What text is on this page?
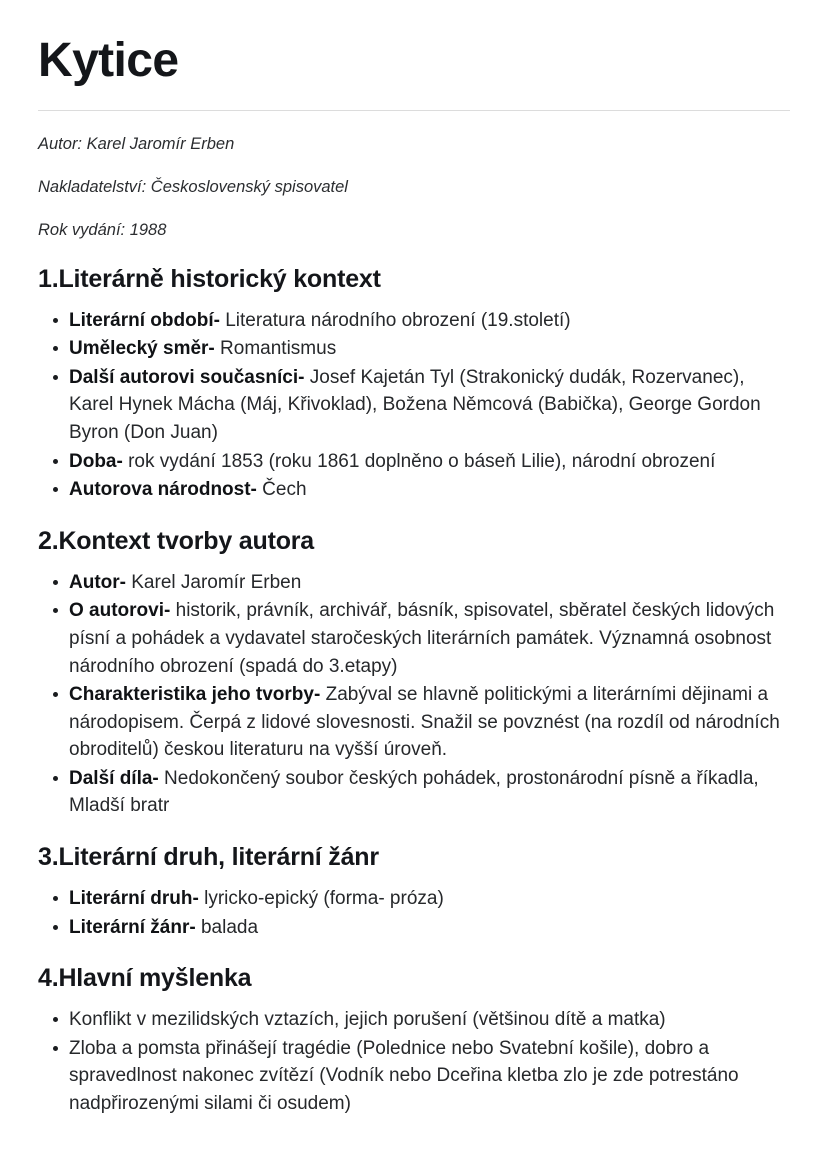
Kytice

Autor: Karel Jaromír Erben

Nakladatelství: Československý spisovatel

Rok vydání: 1988

1.Literárně historický kontext
Literární období- Literatura národního obrození (19.století)
Umělecký směr- Romantismus
Další autorovi současníci- Josef Kajetán Tyl (Strakonický dudák, Rozervanec), Karel Hynek Mácha (Máj, Křivoklad), Božena Němcová (Babička), George Gordon Byron (Don Juan)
Doba- rok vydání 1853 (roku 1861 doplněno o báseň Lilie), národní obrození
Autorova národnost- Čech
2.Kontext tvorby autora
Autor- Karel Jaromír Erben
O autorovi- historik, právník, archivář, básník, spisovatel, sběratel českých lidových písní a pohádek a vydavatel staročeských literárních památek. Významná osobnost národního obrození (spadá do 3.etapy)
Charakteristika jeho tvorby- Zabýval se hlavně politickými a literárními dějinami a národopisem. Čerpá z lidové slovesnosti. Snažil se povznést (na rozdíl od národních obroditelů) českou literaturu na vyšší úroveň.
Další díla- Nedokončený soubor českých pohádek, prostonárodní písně a říkadla, Mladší bratr
3.Literární druh, literární žánr
Literární druh- lyricko-epický (forma- próza)
Literární žánr- balada
4.Hlavní myšlenka
Konflikt v mezilidských vztazích, jejich porušení (většinou dítě a matka)
Zloba a pomsta přinášejí tragédie (Polednice nebo Svatební košile), dobro a spravedlnost nakonec zvítězí (Vodník nebo Dceřina kletba zlo je zde potrestáno nadpřirozenými silami či osudem)
